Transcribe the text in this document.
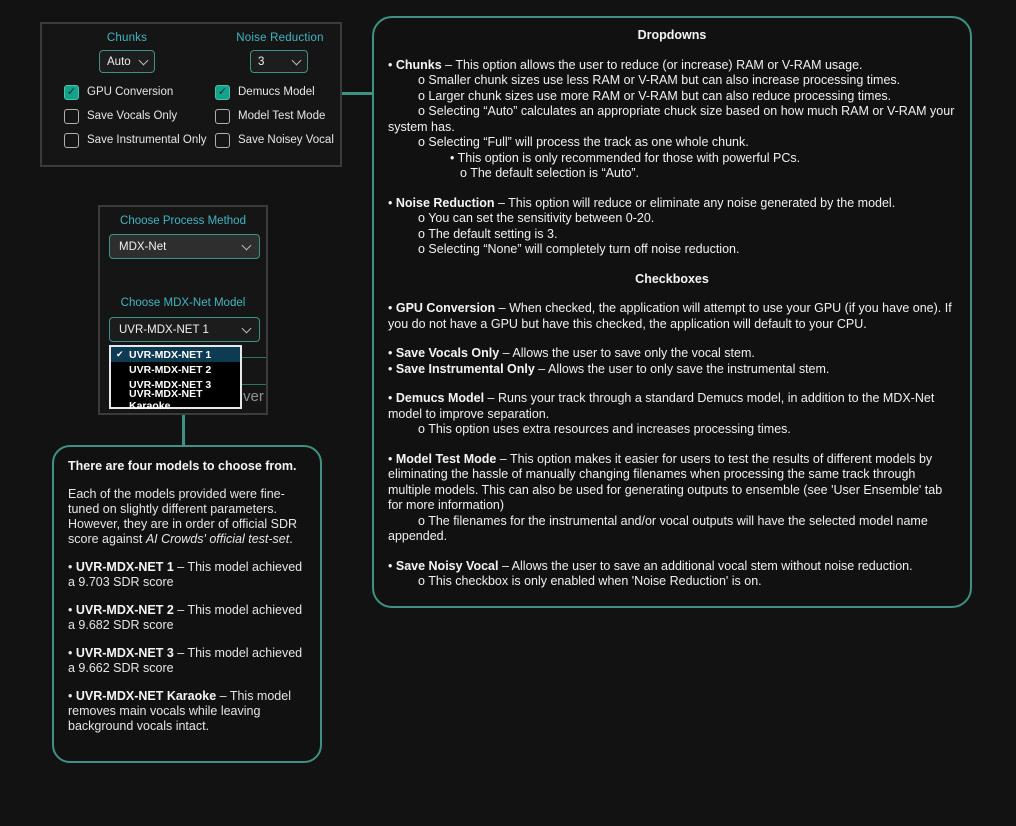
Chunks	Noise Reduction
Auto	3
✓ GPU Conversion
Save Vocals Only
Save Instrumental Only
✓ Demucs Model
Model Test Mode
Save Noisey Vocal
Dropdowns
• Chunks – This option allows the user to reduce (or increase) RAM or V-RAM usage.
o Smaller chunk sizes use less RAM or V-RAM but can also increase processing times.
o Larger chunk sizes use more RAM or V-RAM but can also reduce processing times.
o Selecting “Auto” calculates an appropriate chuck size based on how much RAM or V-RAM your system has.
o Selecting “Full” will process the track as one whole chunk.
• This option is only recommended for those with powerful PCs.
o The default selection is “Auto”.
• Noise Reduction – This option will reduce or eliminate any noise generated by the model.
o You can set the sensitivity between 0-20.
o The default setting is 3.
o Selecting “None” will completely turn off noise reduction.
Checkboxes
• GPU Conversion – When checked, the application will attempt to use your GPU (if you have one). If you do not have a GPU but have this checked, the application will default to your CPU.
• Save Vocals Only – Allows the user to save only the vocal stem.
• Save Instrumental Only – Allows the user to only save the instrumental stem.
• Demucs Model – Runs your track through a standard Demucs model, in addition to the MDX-Net model to improve separation.
o This option uses extra resources and increases processing times.
• Model Test Mode – This option makes it easier for users to test the results of different models by eliminating the hassle of manually changing filenames when processing the same track through multiple models. This can also be used for generating outputs to ensemble (see 'User Ensemble' tab for more information)
o The filenames for the instrumental and/or vocal outputs will have the selected model name appended.
• Save Noisy Vocal – Allows the user to save an additional vocal stem without noise reduction.
o This checkbox is only enabled when 'Noise Reduction' is on.
Choose Process Method
MDX-Net
Choose MDX-Net Model
UVR-MDX-NET 1
ver
✔ UVR-MDX-NET 1
UVR-MDX-NET 2
UVR-MDX-NET 3
UVR-MDX-NET Karaoke
There are four models to choose from.
Each of the models provided were fine-tuned on slightly different parameters. However, they are in order of official SDR score against AI Crowds' official test-set.
• UVR-MDX-NET 1 – This model achieved a 9.703 SDR score
• UVR-MDX-NET 2 – This model achieved a 9.682 SDR score
• UVR-MDX-NET 3 – This model achieved a 9.662 SDR score
• UVR-MDX-NET Karaoke – This model removes main vocals while leaving background vocals intact.
